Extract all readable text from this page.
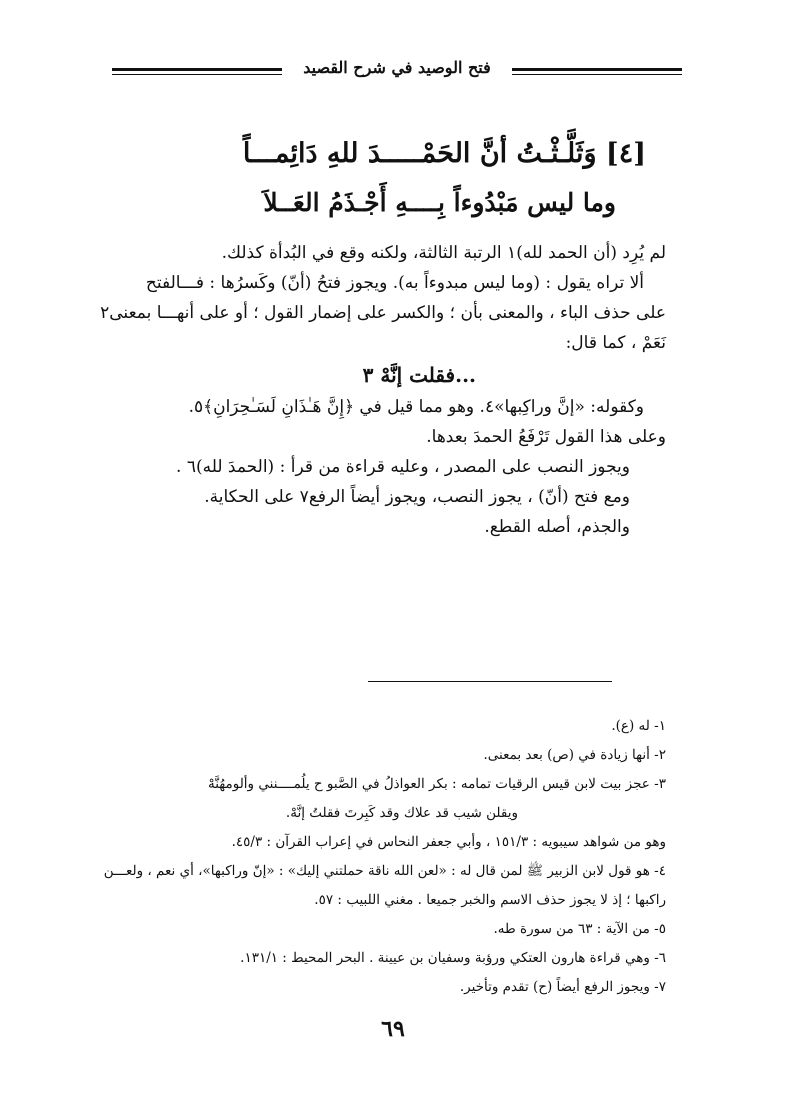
فتح الوصيد في شرح القصيد
[٤] وَثَلَّـثْـتُ أنَّ الحَمْـــــدَ للهِ دَائِمـــاً
وما ليس مَبْدُوءاً بِــــهِ أَجْـذَمُ العَــلاَ
لم يُرِد (أن الحمد لله)١ الرتبة الثالثة، ولكنه وقع في البُدأة كذلك.
ألا تراه يقول : (وما ليس مبدوءاً به). ويجوز فتحُ (أنّ) وكَسرُها : فـــالفتح
على حذف الباء ، والمعنى بأن ؛ والكسر على إضمار القول ؛ أو على أنهـــا بمعنى٢
نَعَمْ ، كما قال:
...فقلت إنَّهْ ٣
وكقوله: «إنَّ وراكِبها»٤. وهو مما قيل في ﴿إِنَّ هَـٰذَانِ لَسَـٰحِرَانِ﴾٥.
وعلى هذا القول تَرْفَعُ الحمدَ بعدها.
ويجوز النصب على المصدر ، وعليه قراءة من قرأ : (الحمدَ لله)٦ .
ومع فتح (أنّ) ، يجوز النصب، ويجوز أيضاً الرفع٧ على الحكاية.
والجذم، أصله القطع.
١- له (ع).
٢- أنها زيادة في (ص) بعد بمعنى.
٣- عجز بيت لابن قيس الرقيات تمامه : بكر العواذلُ في الصَّبو ح يلُمــــنني وألومهُنَّهْ
ويقلن شيب قد علاك وقد كَبِرتَ فقلتُ إنَّهْ.
وهو من شواهد سيبويه : ١٥١/٣ ، وأبي جعفر النحاس في إعراب القرآن : ٤٥/٣.
٤- هو قول لابن الزبير ﷺ لمن قال له : «لعن الله ناقة حملتني إليك» : «إنّ وراكبها»، أي نعم ، ولعـــن
راكبها ؛ إذ لا يجوز حذف الاسم والخبر جميعا . مغني اللبيب : ٥٧.
٥- من الآية : ٦٣ من سورة طه.
٦- وهي قراءة هارون العتكي ورؤبة وسفيان بن عيينة . البحر المحيط : ١٣١/١.
٧- ويجوز الرفع أيضاً (ح) تقدم وتأخير.
٦٩
